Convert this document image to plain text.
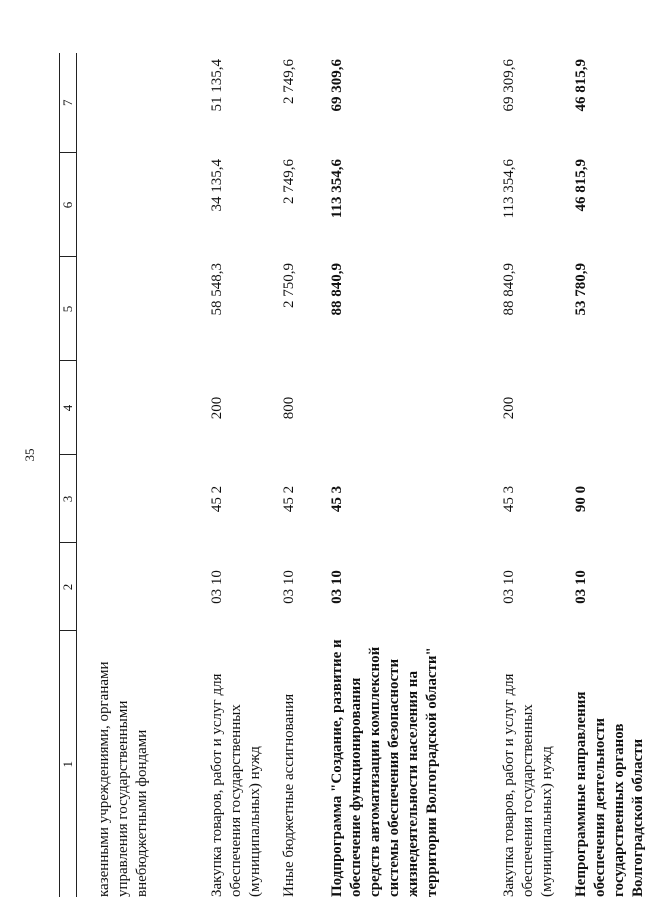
35
1	2	3	4	5	6	7
казенными учреждениями, органами управления государственными внебюджетными фондами						
Закупка товаров, работ и услуг для обеспечения государственных (муниципальных) нужд	03 10	45 2	200	58 548,3	34 135,4	51 135,4
Иные бюджетные ассигнования	03 10	45 2	800	2 750,9	2 749,6	2 749,6
Подпрограмма "Создание, развитие и обеспечение функционирования средств автоматизации комплексной системы обеспечения безопасности жизнедеятельности населения на территории Волгоградской области"	03 10	45 3		88 840,9	113 354,6	69 309,6
Закупка товаров, работ и услуг для обеспечения государственных (муниципальных) нужд	03 10	45 3	200	88 840,9	113 354,6	69 309,6
Непрограммные направления обеспечения деятельности государственных органов Волгоградской области	03 10	90 0		53 780,9	46 815,9	46 815,9
